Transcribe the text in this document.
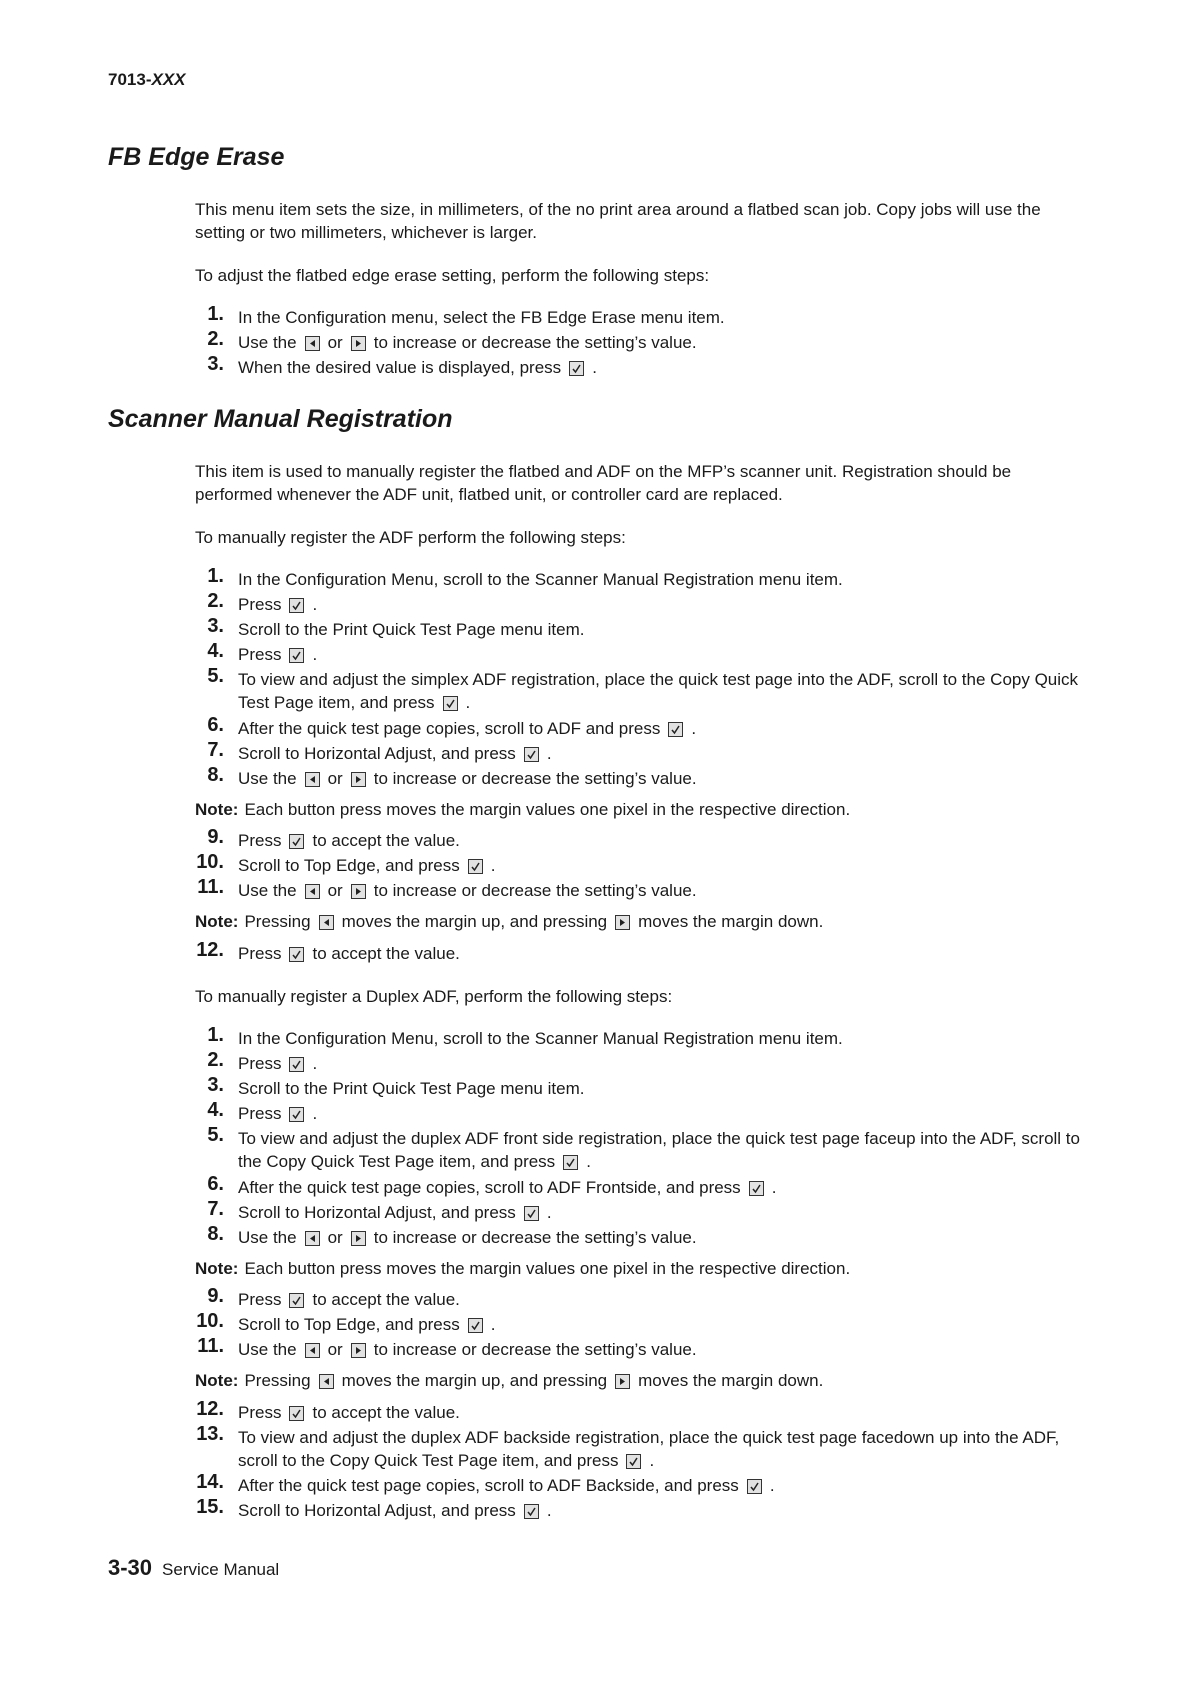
7013-XXX
FB Edge Erase

This menu item sets the size, in millimeters, of the no print area around a flatbed scan job. Copy jobs will use the setting or two millimeters, whichever is larger.

To adjust the flatbed edge erase setting, perform the following steps:

1. In the Configuration menu, select the FB Edge Erase menu item.
2. Use the or to increase or decrease the setting’s value.
3. When the desired value is displayed, press .
Scanner Manual Registration

This item is used to manually register the flatbed and ADF on the MFP’s scanner unit. Registration should be performed whenever the ADF unit, flatbed unit, or controller card are replaced.

To manually register the ADF perform the following steps:

1. In the Configuration Menu, scroll to the Scanner Manual Registration menu item.
2. Press .
3. Scroll to the Print Quick Test Page menu item.
4. Press .
5. To view and adjust the simplex ADF registration, place the quick test page into the ADF, scroll to the Copy Quick Test Page item, and press .
6. After the quick test page copies, scroll to ADF and press .
7. Scroll to Horizontal Adjust, and press .
8. Use the or to increase or decrease the setting’s value.
Note: Each button press moves the margin values one pixel in the respective direction.
9. Press to accept the value.
10. Scroll to Top Edge, and press .
11. Use the or to increase or decrease the setting’s value.
Note: Pressing moves the margin up, and pressing moves the margin down.
12. Press to accept the value.

To manually register a Duplex ADF, perform the following steps:

1. In the Configuration Menu, scroll to the Scanner Manual Registration menu item.
2. Press .
3. Scroll to the Print Quick Test Page menu item.
4. Press .
5. To view and adjust the duplex ADF front side registration, place the quick test page faceup into the ADF, scroll to the Copy Quick Test Page item, and press .
6. After the quick test page copies, scroll to ADF Frontside, and press .
7. Scroll to Horizontal Adjust, and press .
8. Use the or to increase or decrease the setting’s value.
Note: Each button press moves the margin values one pixel in the respective direction.
9. Press to accept the value.
10. Scroll to Top Edge, and press .
11. Use the or to increase or decrease the setting’s value.
Note: Pressing moves the margin up, and pressing moves the margin down.
12. Press to accept the value.
13. To view and adjust the duplex ADF backside registration, place the quick test page facedown up into the ADF, scroll to the Copy Quick Test Page item, and press .
14. After the quick test page copies, scroll to ADF Backside, and press .
15. Scroll to Horizontal Adjust, and press .
3-30 Service Manual
